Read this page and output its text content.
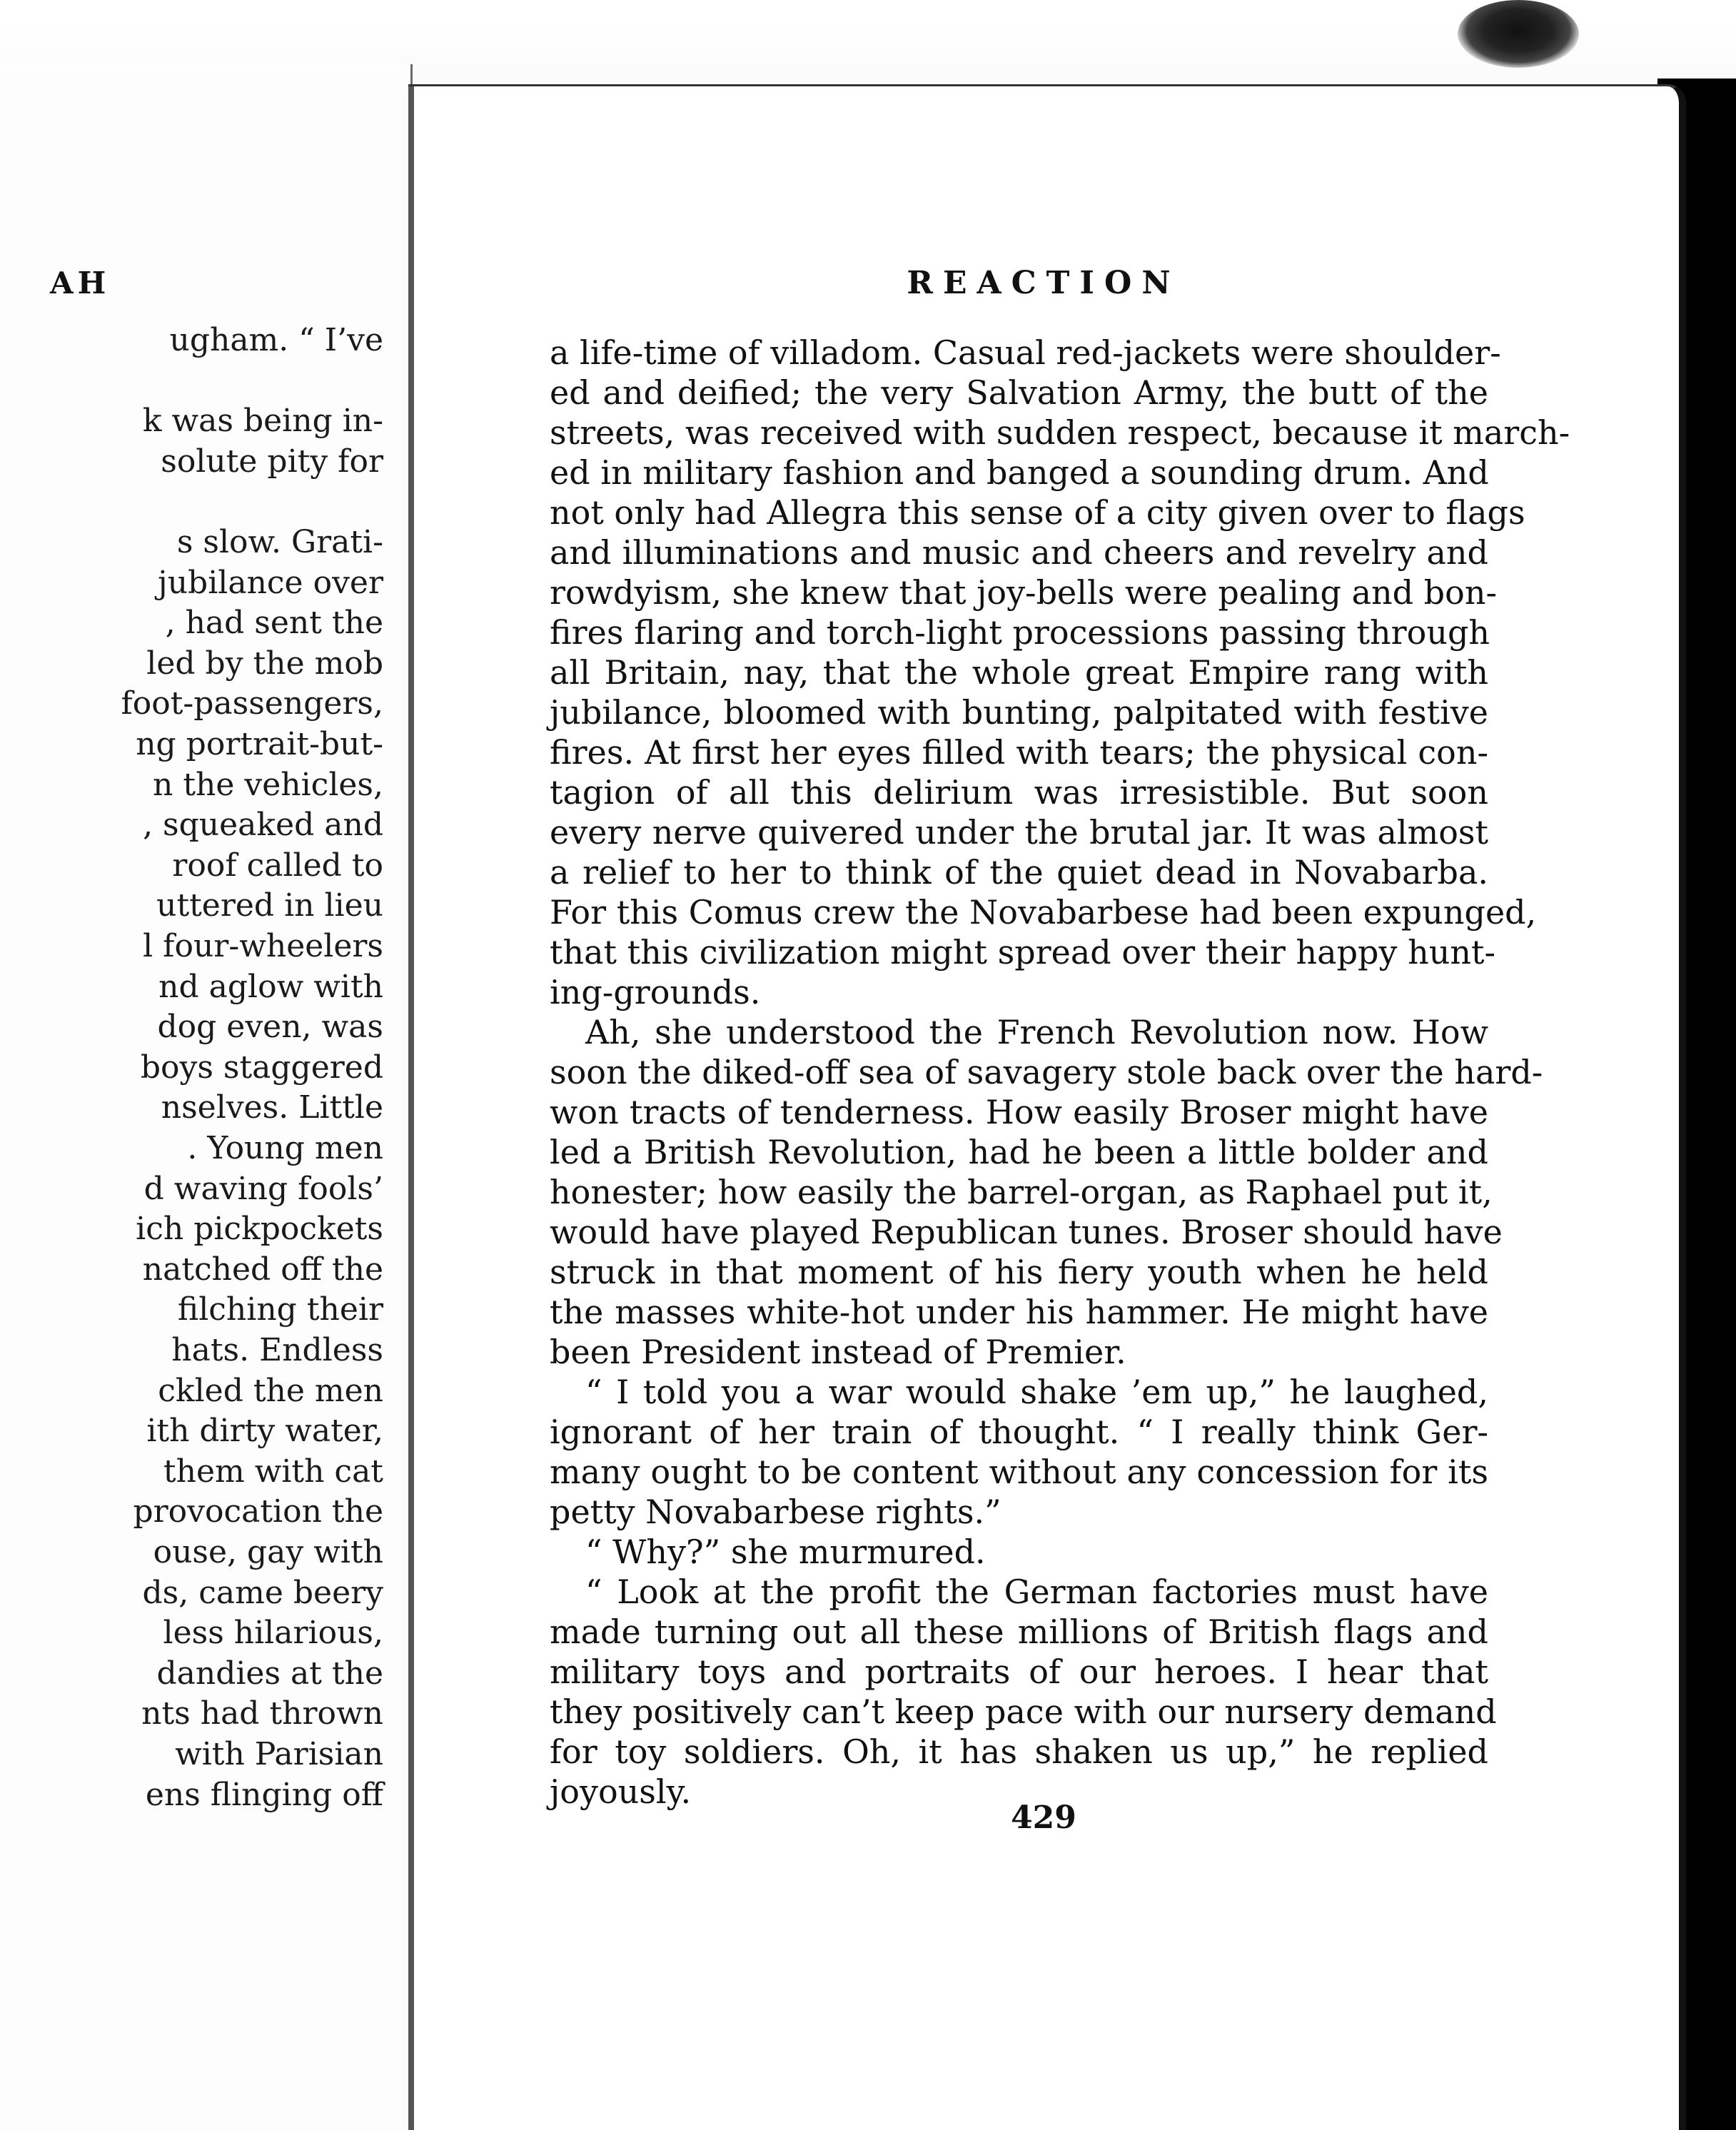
AH
ugham. “ I’ve
k was being in-
solute pity for
s slow. Grati-
jubilance over
, had sent the
led by the mob
foot-passengers,
ng portrait-but-
n the vehicles,
, squeaked and
roof called to
uttered in lieu
l four-wheelers
nd aglow with
dog even, was
boys staggered
nselves. Little
. Young men
d waving fools’
ich pickpockets
natched off the
filching their
hats. Endless
ckled the men
ith dirty water,
them with cat
provocation the
ouse, gay with
ds, came beery
less hilarious,
dandies at the
nts had thrown
with Parisian
ens flinging off
REACTION
a life-time of villadom. Casual red-jackets were shoulder-
ed and deified; the very Salvation Army, the butt of the
streets, was received with sudden respect, because it march-
ed in military fashion and banged a sounding drum. And
not only had Allegra this sense of a city given over to flags
and illuminations and music and cheers and revelry and
rowdyism, she knew that joy-bells were pealing and bon-
fires flaring and torch-light processions passing through
all Britain, nay, that the whole great Empire rang with
jubilance, bloomed with bunting, palpitated with festive
fires. At first her eyes filled with tears; the physical con-
tagion of all this delirium was irresistible. But soon
every nerve quivered under the brutal jar. It was almost
a relief to her to think of the quiet dead in Novabarba.
For this Comus crew the Novabarbese had been expunged,
that this civilization might spread over their happy hunt-
ing-grounds.
Ah, she understood the French Revolution now. How
soon the diked-off sea of savagery stole back over the hard-
won tracts of tenderness. How easily Broser might have
led a British Revolution, had he been a little bolder and
honester; how easily the barrel-organ, as Raphael put it,
would have played Republican tunes. Broser should have
struck in that moment of his fiery youth when he held
the masses white-hot under his hammer. He might have
been President instead of Premier.
“ I told you a war would shake ’em up,” he laughed,
ignorant of her train of thought. “ I really think Ger-
many ought to be content without any concession for its
petty Novabarbese rights.”
“ Why?” she murmured.
“ Look at the profit the German factories must have
made turning out all these millions of British flags and
military toys and portraits of our heroes. I hear that
they positively can’t keep pace with our nursery demand
for toy soldiers. Oh, it has shaken us up,” he replied
joyously.
429
